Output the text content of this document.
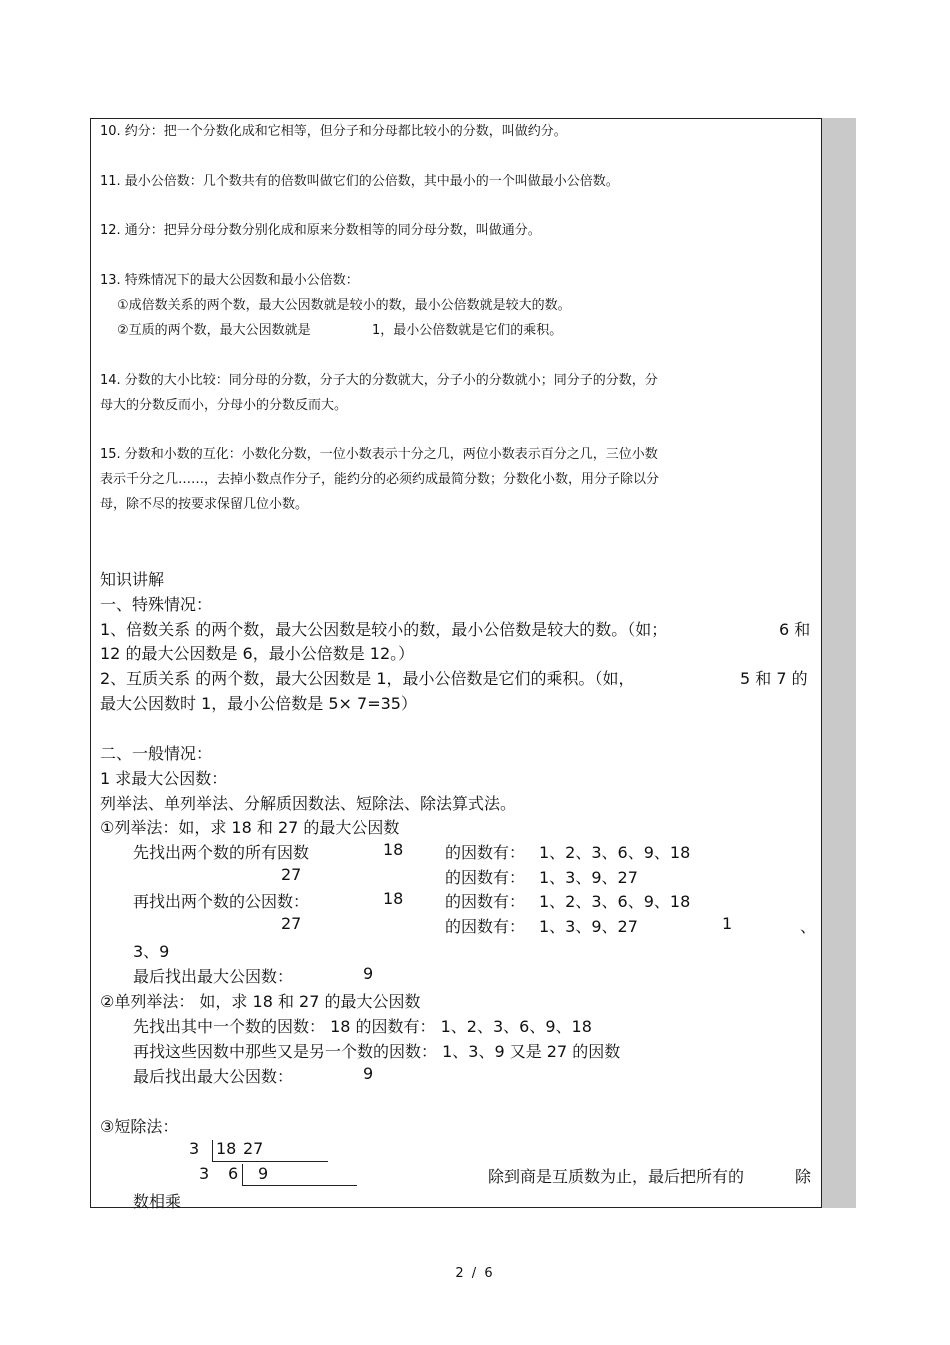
10. 约分：把一个分数化成和它相等，但分子和分母都比较小的分数，叫做约分。
11. 最小公倍数：几个数共有的倍数叫做它们的公倍数，其中最小的一个叫做最小公倍数。
12. 通分：把异分母分数分别化成和原来分数相等的同分母分数，叫做通分。
13. 特殊情况下的最大公因数和最小公倍数：
①成倍数关系的两个数，最大公因数就是较小的数，最小公倍数就是较大的数。
②互质的两个数，最大公因数就是	1，最小公倍数就是它们的乘积。
14. 分数的大小比较：同分母的分数，分子大的分数就大，分子小的分数就小；同分子的分数，分
母大的分数反而小，分母小的分数反而大。
15. 分数和小数的互化：小数化分数，一位小数表示十分之几，两位小数表示百分之几，三位小数
表示千分之几……，去掉小数点作分子，能约分的必须约成最简分数；分数化小数，用分子除以分
母，除不尽的按要求保留几位小数。
知识讲解
一、特殊情况：
1、倍数关系 的两个数，最大公因数是较小的数，最小公倍数是较大的数。（如；	6 和
12 的最大公因数是 6，最小公倍数是 12。）
2、互质关系 的两个数，最大公因数是 1，最小公倍数是它们的乘积。（如，	5 和 7 的
最大公因数时 1，最小公倍数是 5× 7=35）
二、一般情况：
1 求最大公因数：
列举法、单列举法、分解质因数法、短除法、除法算式法。
①列举法：如，求 18 和 27 的最大公因数
先找出两个数的所有因数	18	的因数有： 1、2、3、6、9、18
27	的因数有： 1、3、9、27
再找出两个数的公因数：	18	的因数有： 1、2、3、6、9、18
27	的因数有： 1、3、9、27	1	、
3、9
最后找出最大公因数：	9
②单列举法： 如，求 18 和 27 的最大公因数
先找出其中一个数的因数： 18 的因数有： 1、2、3、6、9、18
再找这些因数中那些又是另一个数的因数： 1、3、9 又是 27 的因数
最后找出最大公因数：	9
③短除法：
3 18 27
3 6 9	除到商是互质数为止，最后把所有的	除
数相乘
2 / 6
